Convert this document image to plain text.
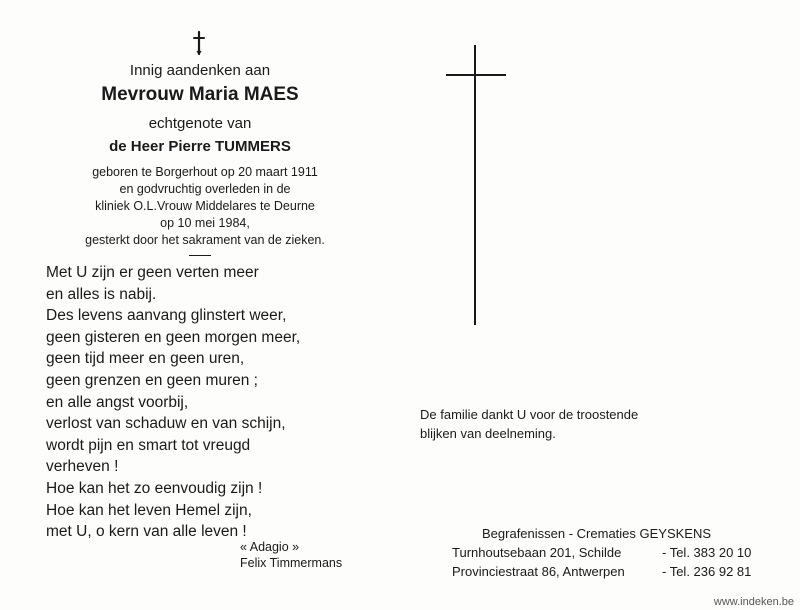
Innig aandenken aan
Mevrouw Maria MAES
echtgenote van
de Heer Pierre TUMMERS
geboren te Borgerhout op 20 maart 1911
en godvruchtig overleden in de
kliniek O.L.Vrouw Middelares te Deurne
op 10 mei 1984,
gesterkt door het sakrament van de zieken.
Met U zijn er geen verten meer
en alles is nabij.
Des levens aanvang glinstert weer,
geen gisteren en geen morgen meer,
geen tijd meer en geen uren,
geen grenzen en geen muren ;
en alle angst voorbij,
verlost van schaduw en van schijn,
wordt pijn en smart tot vreugd
verheven !
Hoe kan het zo eenvoudig zijn !
Hoe kan het leven Hemel zijn,
met U, o kern van alle leven !
« Adagio »
Felix Timmermans
De familie dankt U voor de troostende
blijken van deelneming.
Begrafenissen - Crematies GEYSKENS
Turnhoutsebaan 201, Schilde	- Tel. 383 20 10
Provinciestraat 86, Antwerpen	- Tel. 236 92 81
www.indeken.be
